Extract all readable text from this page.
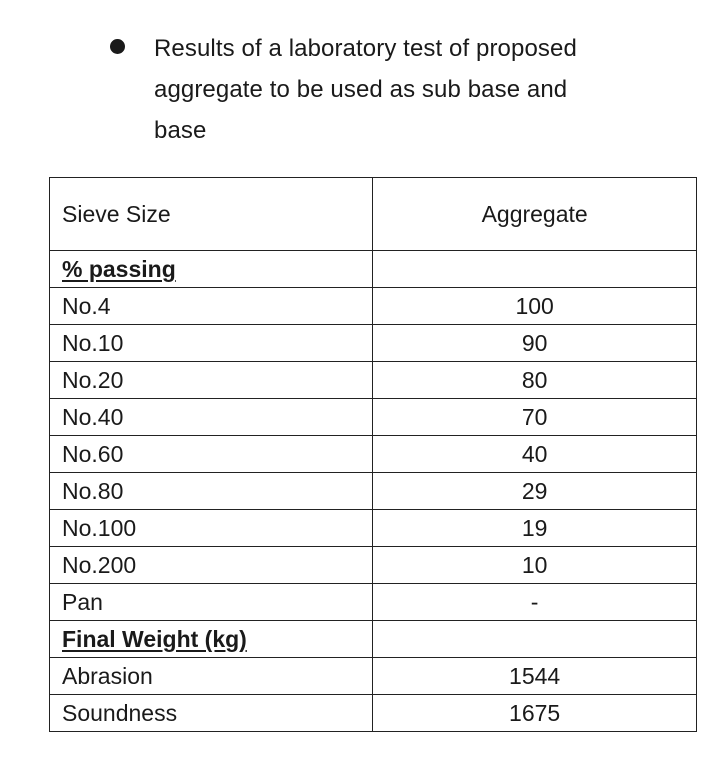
Results of a laboratory test of proposed aggregate to be used as sub base and base

Sieve Size	Aggregate
% passing	
No.4	100
No.10	90
No.20	80
No.40	70
No.60	40
No.80	29
No.100	19
No.200	10
Pan	-
Final Weight (kg)	
Abrasion	1544
Soundness	1675
